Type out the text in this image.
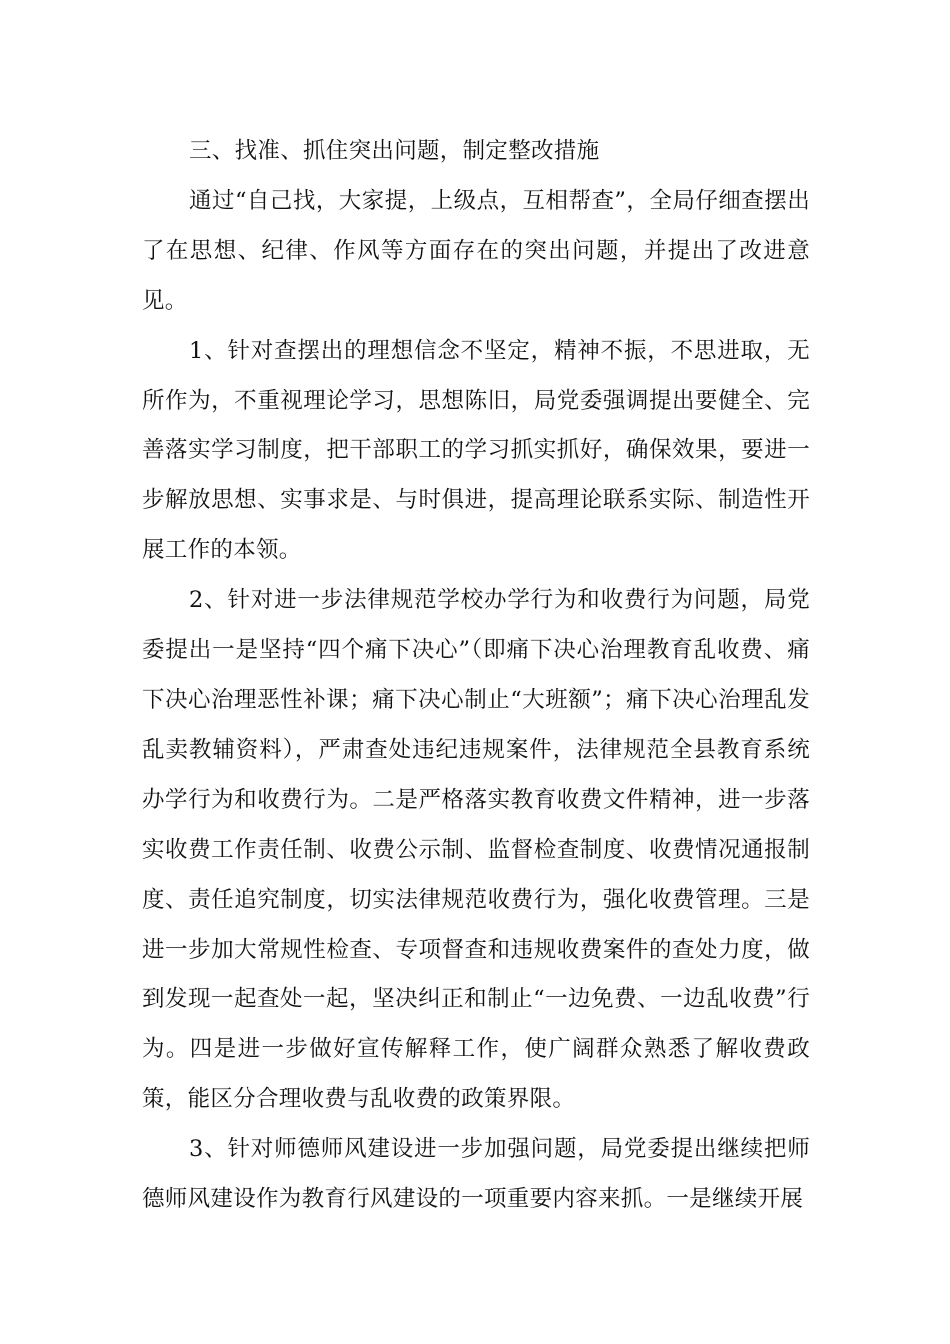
三、找准、抓住突出问题，制定整改措施

通过“自己找，大家提，上级点，互相帮查”，全局仔细查摆出了在思想、纪律、作风等方面存在的突出问题，并提出了改进意见。

1、针对查摆出的理想信念不坚定，精神不振，不思进取，无所作为，不重视理论学习，思想陈旧，局党委强调提出要健全、完善落实学习制度，把干部职工的学习抓实抓好，确保效果，要进一步解放思想、实事求是、与时俱进，提高理论联系实际、制造性开展工作的本领。

2、针对进一步法律规范学校办学行为和收费行为问题，局党委提出一是坚持“四个痛下决心”（即痛下决心治理教育乱收费、痛下决心治理恶性补课；痛下决心制止“大班额”；痛下决心治理乱发乱卖教辅资料），严肃查处违纪违规案件，法律规范全县教育系统办学行为和收费行为。二是严格落实教育收费文件精神，进一步落实收费工作责任制、收费公示制、监督检查制度、收费情况通报制度、责任追究制度，切实法律规范收费行为，强化收费管理。三是进一步加大常规性检查、专项督查和违规收费案件的查处力度，做到发现一起查处一起，坚决纠正和制止“一边免费、一边乱收费”行为。四是进一步做好宣传解释工作，使广阔群众熟悉了解收费政策，能区分合理收费与乱收费的政策界限。

3、针对师德师风建设进一步加强问题，局党委提出继续把师德师风建设作为教育行风建设的一项重要内容来抓。一是继续开展
